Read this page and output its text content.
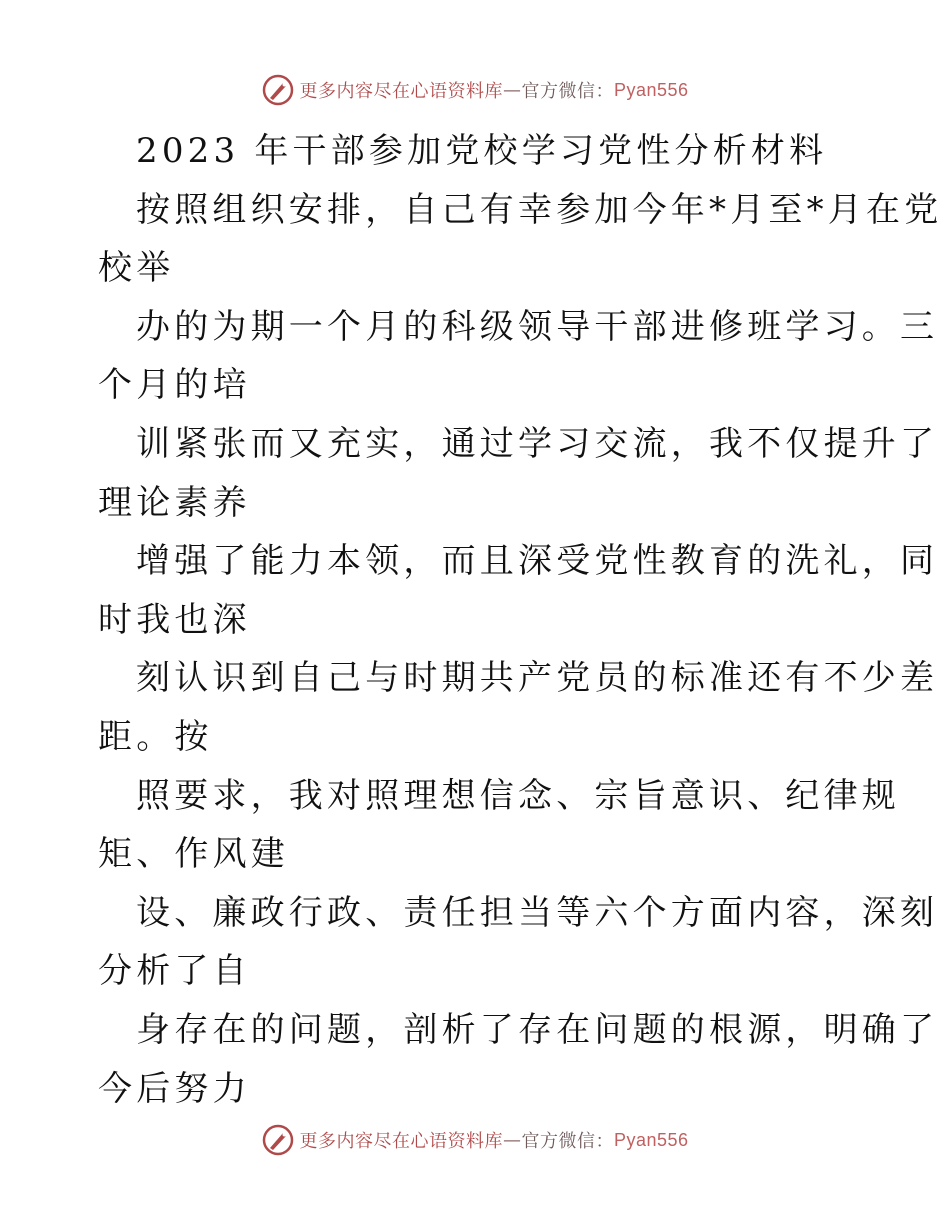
更多内容尽在心语资料库 — 官方微信： Pyan556
2023 年干部参加党校学习党性分析材料
按照组织安排，自己有幸参加今年*月至*月在党
校举
办的为期一个月的科级领导干部进修班学习。三
个月的培
训紧张而又充实，通过学习交流，我不仅提升了
理论素养
增强了能力本领，而且深受党性教育的洗礼，同
时我也深
刻认识到自己与时期共产党员的标准还有不少差
距。按
照要求，我对照理想信念、宗旨意识、纪律规
矩、作风建
设、廉政行政、责任担当等六个方面内容，深刻
分析了自
身存在的问题，剖析了存在问题的根源，明确了
今后努力
更多内容尽在心语资料库 — 官方微信： Pyan556
